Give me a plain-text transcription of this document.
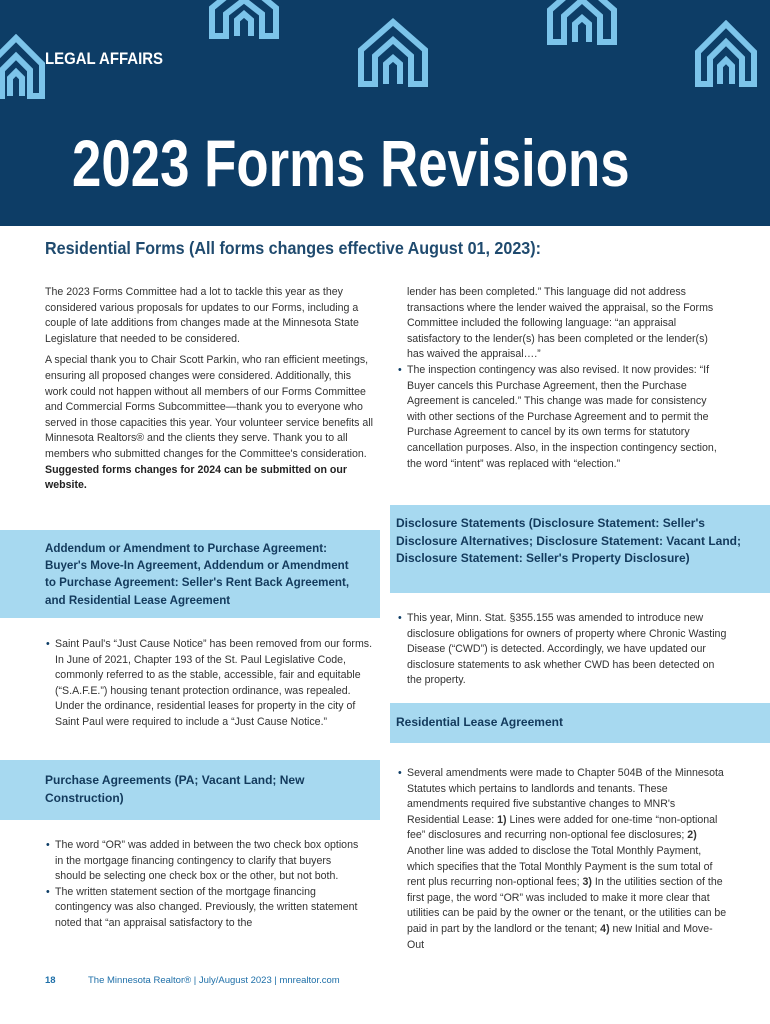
LEGAL AFFAIRS
2023 Forms Revisions
Residential Forms (All forms changes effective August 01, 2023):

The 2023 Forms Committee had a lot to tackle this year as they considered various proposals for updates to our Forms, including a couple of late additions from changes made at the Minnesota State Legislature that needed to be considered.

A special thank you to Chair Scott Parkin, who ran efficient meetings, ensuring all proposed changes were considered. Additionally, this work could not happen without all members of our Forms Committee and Commercial Forms Subcommittee—thank you to everyone who served in those capacities this year. Your volunteer service benefits all Minnesota Realtors® and the clients they serve. Thank you to all members who submitted changes for the Committee's consideration.

Suggested forms changes for 2024 can be submitted on our website.

Addendum or Amendment to Purchase Agreement: Buyer's Move-In Agreement, Addendum or Amendment to Purchase Agreement: Seller's Rent Back Agreement, and Residential Lease Agreement
• Saint Paul's “Just Cause Notice” has been removed from our forms. In June of 2021, Chapter 193 of the St. Paul Legislative Code, commonly referred to as the stable, accessible, fair and equitable (“S.A.F.E.”) housing tenant protection ordinance, was repealed. Under the ordinance, residential leases for property in the city of Saint Paul were required to include a “Just Cause Notice.”
Purchase Agreements (PA; Vacant Land; New Construction)
• The word “OR” was added in between the two check box options in the mortgage financing contingency to clarify that buyers should be selecting one check box or the other, but not both.
• The written statement section of the mortgage financing contingency was also changed. Previously, the written statement noted that “an appraisal satisfactory to the
lender has been completed.” This language did not address transactions where the lender waived the appraisal, so the Forms Committee included the following language: “an appraisal satisfactory to the lender(s) has been completed or the lender(s) has waived the appraisal….”
• The inspection contingency was also revised. It now provides: “If Buyer cancels this Purchase Agreement, then the Purchase Agreement is canceled.” This change was made for consistency with other sections of the Purchase Agreement and to permit the Purchase Agreement to cancel by its own terms for statutory cancellation purposes. Also, in the inspection contingency section, the word “intent” was replaced with “election.”
Disclosure Statements (Disclosure Statement: Seller's Disclosure Alternatives; Disclosure Statement: Vacant Land; Disclosure Statement: Seller's Property Disclosure)
• This year, Minn. Stat. §355.155 was amended to introduce new disclosure obligations for owners of property where Chronic Wasting Disease (“CWD”) is detected. Accordingly, we have updated our disclosure statements to ask whether CWD has been detected on the property.
Residential Lease Agreement
• Several amendments were made to Chapter 504B of the Minnesota Statutes which pertains to landlords and tenants. These amendments required five substantive changes to MNR's Residential Lease: 1) Lines were added for one-time “non-optional fee” disclosures and recurring non-optional fee disclosures; 2) Another line was added to disclose the Total Monthly Payment, which specifies that the Total Monthly Payment is the sum total of rent plus recurring non-optional fees; 3) In the utilities section of the first page, the word “OR” was included to make it more clear that utilities can be paid by the owner or the tenant, or the utilities can be paid in part by the landlord or the tenant; 4) new Initial and Move-Out
18	The Minnesota Realtor® | July/August 2023 | mnrealtor.com
